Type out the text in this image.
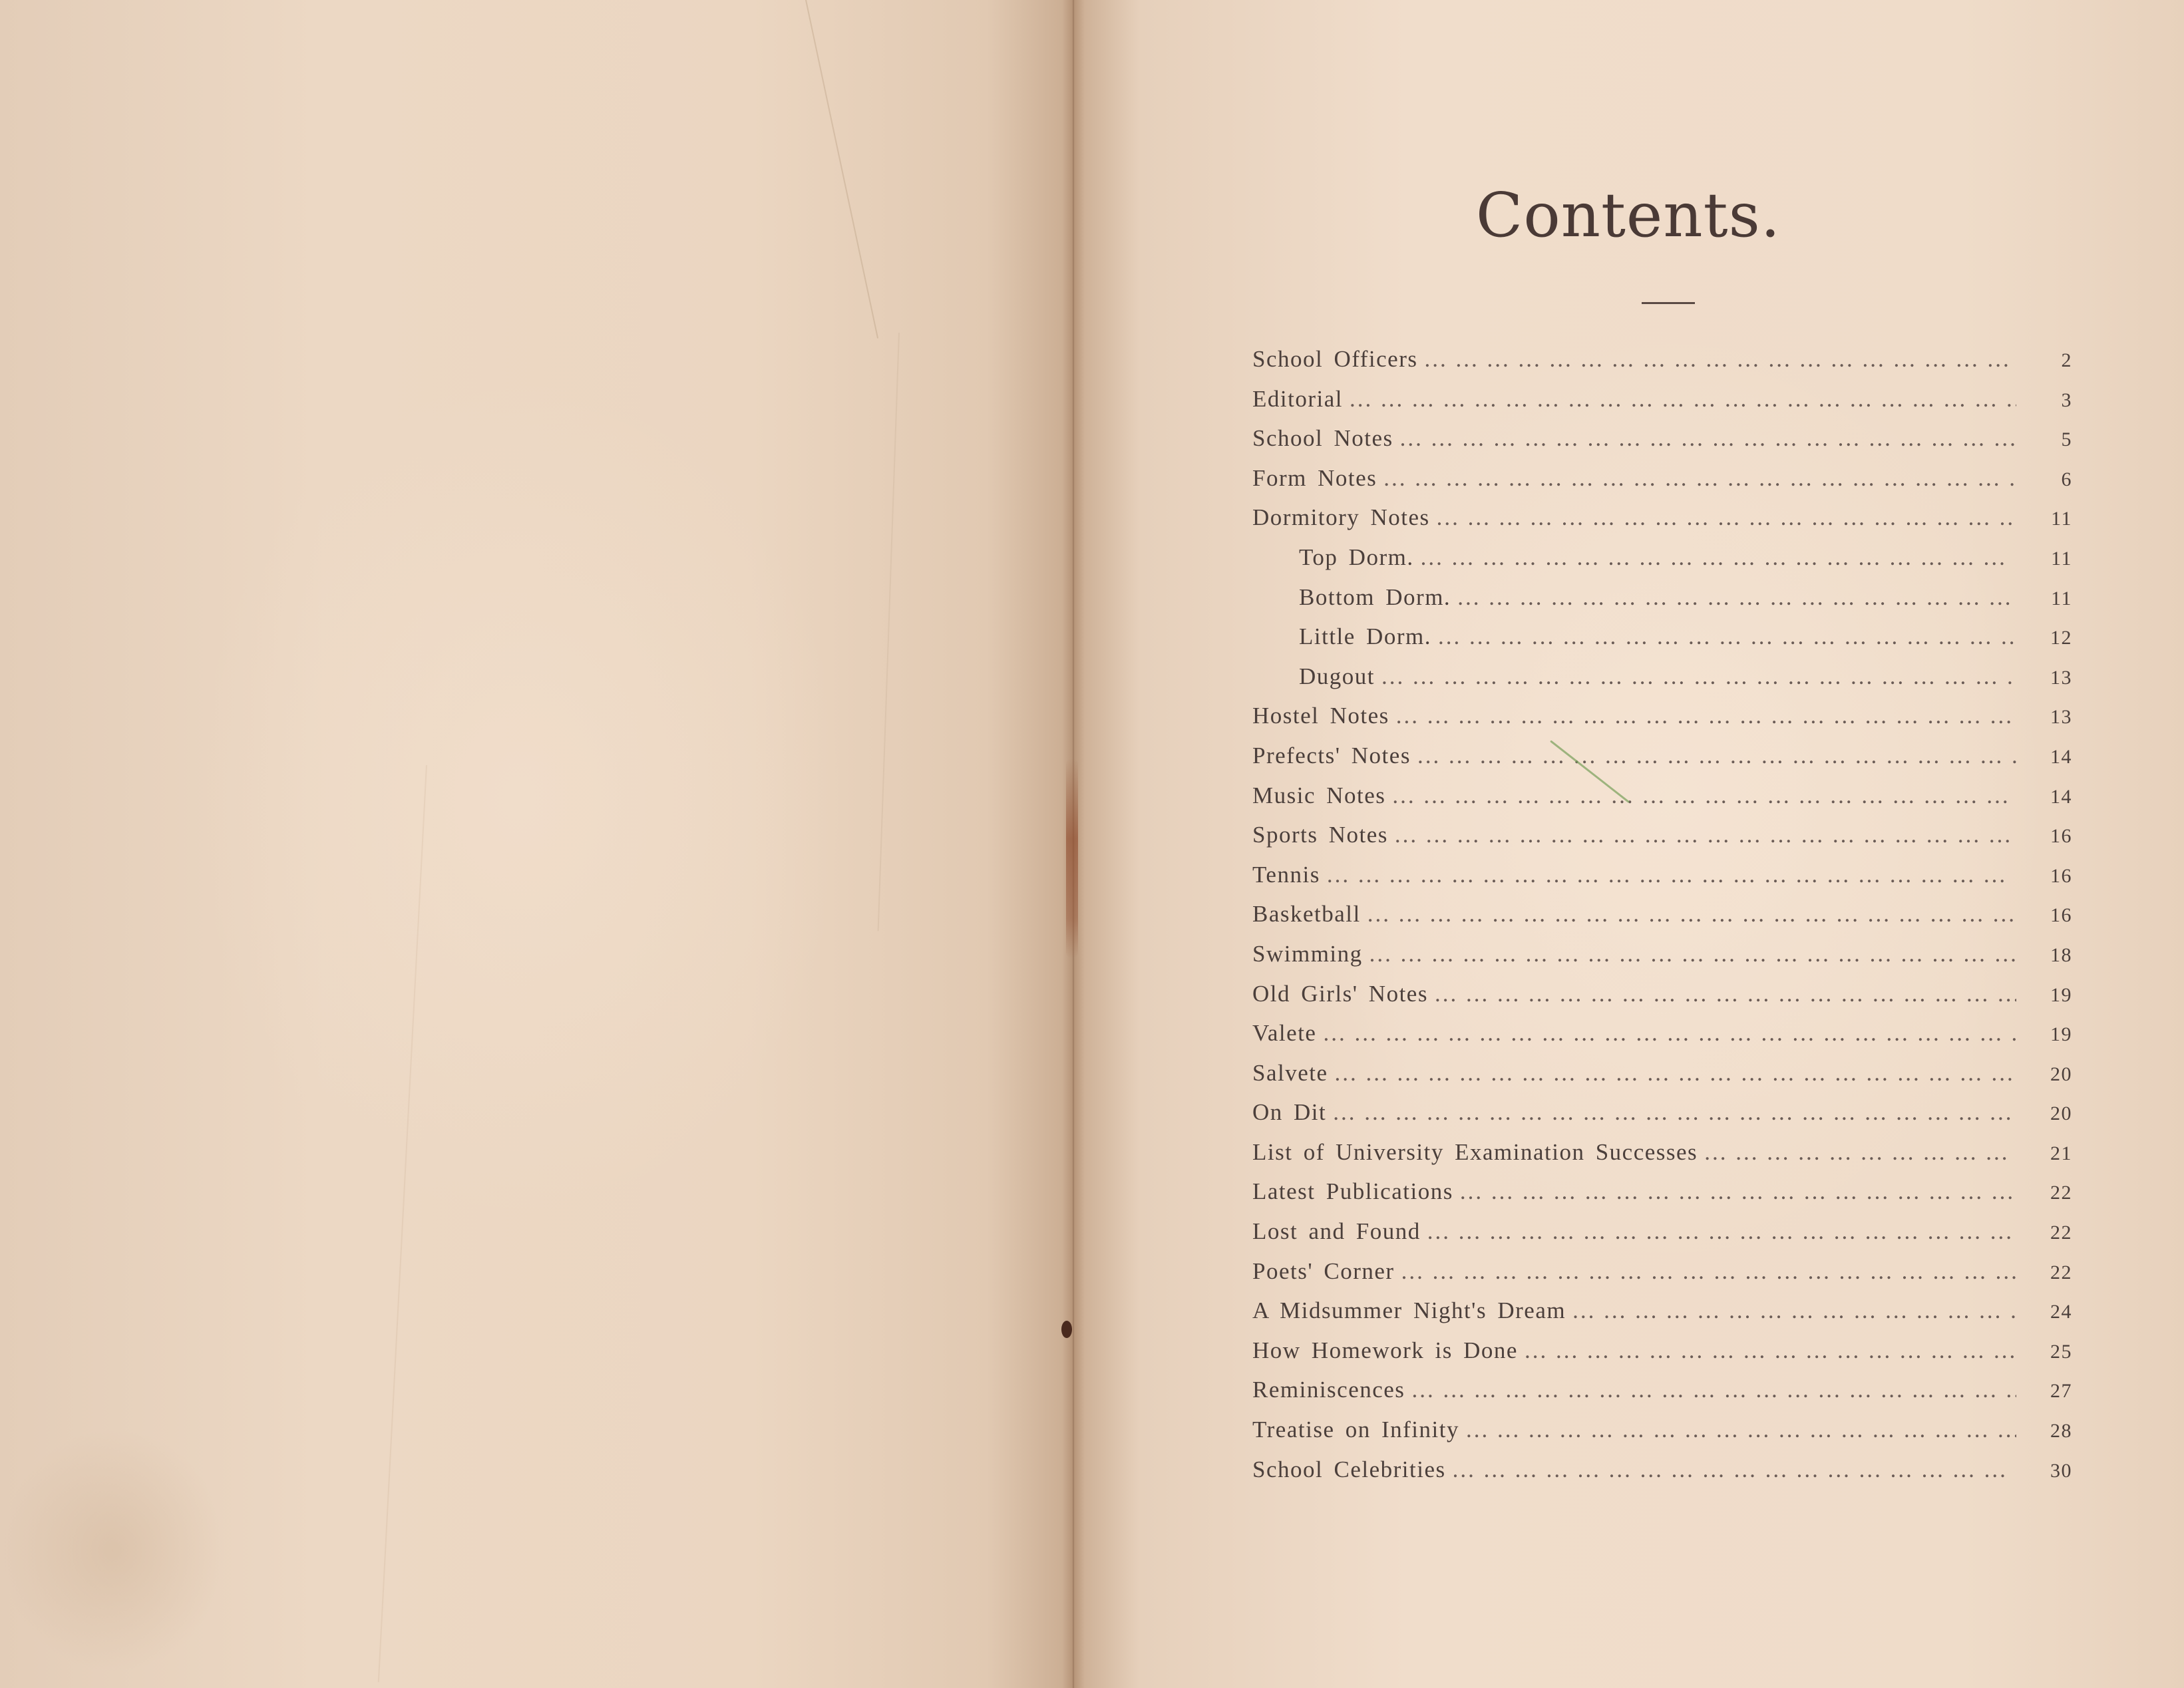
Contents.
School Officers ... .	2
Editorial ... .	3
School Notes ... .	5
Form Notes ... .	6
Dormitory Notes ... .	11
Top Dorm. ... .	11
Bottom Dorm. ... .	11
Little Dorm. ... .	12
Dugout ... .	13
Hostel Notes ... .	13
Prefects' Notes ... .	14
Music Notes ... .	14
Sports Notes ... .	16
Tennis ... .	16
Basketball ... .	16
Swimming ... .	18
Old Girls' Notes ... .	19
Valete ... .	19
Salvete ... .	20
On Dit ... .	20
List of University Examination Successes ... .	21
Latest Publications ... .	22
Lost and Found ... .	22
Poets' Corner ... .	22
A Midsummer Night's Dream ... .	24
How Homework is Done ... .	25
Reminiscences ... .	27
Treatise on Infinity ... .	28
School Celebrities ... .	30
